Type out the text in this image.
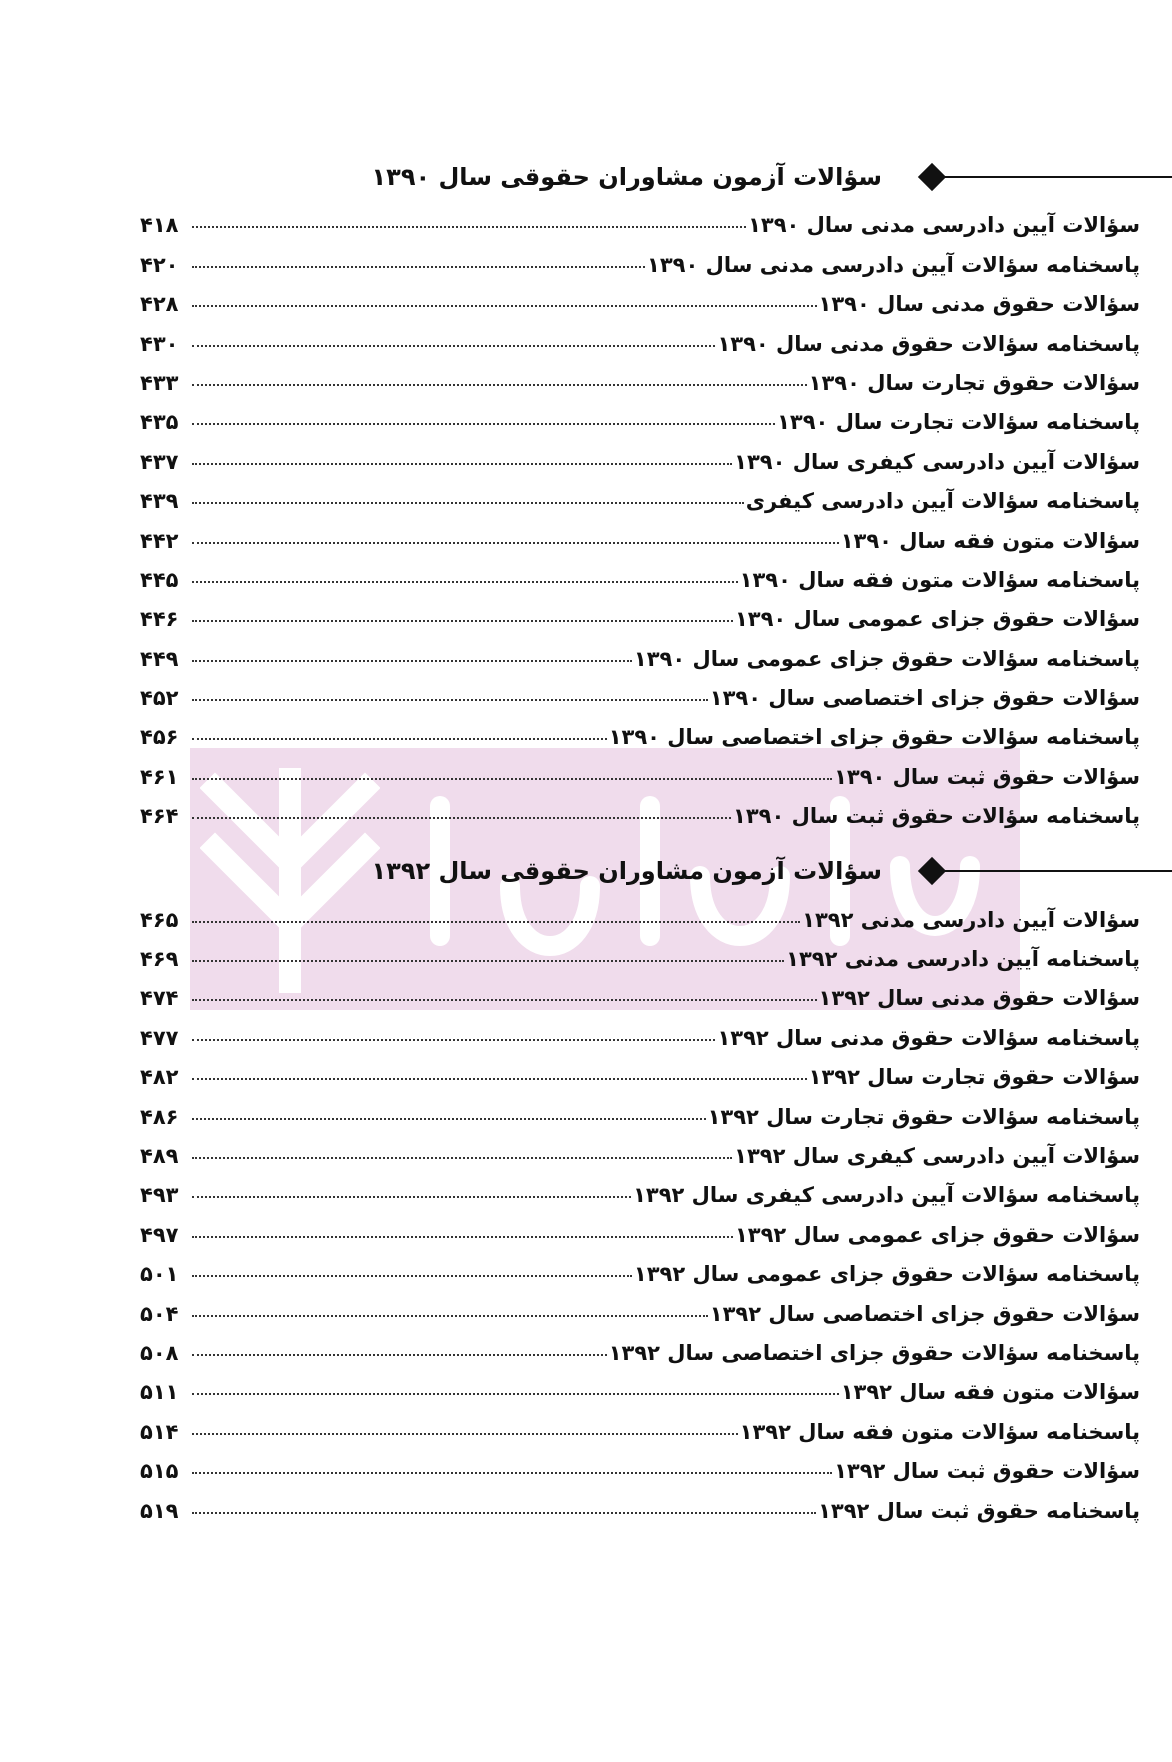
سؤالات آزمون مشاوران حقوقی سال ۱۳۹۰
سؤالات آیین دادرسی مدنی سال ۱۳۹۰
۴۱۸
پاسخنامه سؤالات آیین دادرسی مدنی سال ۱۳۹۰
۴۲۰
سؤالات حقوق مدنی سال ۱۳۹۰
۴۲۸
پاسخنامه سؤالات حقوق مدنی سال ۱۳۹۰
۴۳۰
سؤالات حقوق تجارت سال ۱۳۹۰
۴۳۳
پاسخنامه سؤالات تجارت سال ۱۳۹۰
۴۳۵
سؤالات آیین دادرسی کیفری سال ۱۳۹۰
۴۳۷
پاسخنامه سؤالات آیین دادرسی کیفری
۴۳۹
سؤالات متون فقه سال ۱۳۹۰
۴۴۲
پاسخنامه سؤالات متون فقه سال ۱۳۹۰
۴۴۵
سؤالات حقوق جزای عمومی سال ۱۳۹۰
۴۴۶
پاسخنامه سؤالات حقوق جزای عمومی سال ۱۳۹۰
۴۴۹
سؤالات حقوق جزای اختصاصی سال ۱۳۹۰
۴۵۲
پاسخنامه سؤالات حقوق جزای اختصاصی سال ۱۳۹۰
۴۵۶
سؤالات حقوق ثبت سال ۱۳۹۰
۴۶۱
پاسخنامه سؤالات حقوق ثبت سال ۱۳۹۰
۴۶۴
سؤالات آزمون مشاوران حقوقی سال ۱۳۹۲
سؤالات آیین دادرسی مدنی ۱۳۹۲
۴۶۵
پاسخنامه آیین دادرسی مدنی ۱۳۹۲
۴۶۹
سؤالات حقوق مدنی سال ۱۳۹۲
۴۷۴
پاسخنامه سؤالات حقوق مدنی سال ۱۳۹۲
۴۷۷
سؤالات حقوق تجارت سال ۱۳۹۲
۴۸۲
پاسخنامه سؤالات حقوق تجارت سال ۱۳۹۲
۴۸۶
سؤالات آیین دادرسی کیفری سال ۱۳۹۲
۴۸۹
پاسخنامه سؤالات آیین دادرسی کیفری سال ۱۳۹۲
۴۹۳
سؤالات حقوق جزای عمومی سال ۱۳۹۲
۴۹۷
پاسخنامه سؤالات حقوق جزای عمومی سال ۱۳۹۲
۵۰۱
سؤالات حقوق جزای اختصاصی سال ۱۳۹۲
۵۰۴
پاسخنامه سؤالات حقوق جزای اختصاصی سال ۱۳۹۲
۵۰۸
سؤالات متون فقه سال ۱۳۹۲
۵۱۱
پاسخنامه سؤالات متون فقه سال ۱۳۹۲
۵۱۴
سؤالات حقوق ثبت سال ۱۳۹۲
۵۱۵
پاسخنامه حقوق ثبت سال ۱۳۹۲
۵۱۹
